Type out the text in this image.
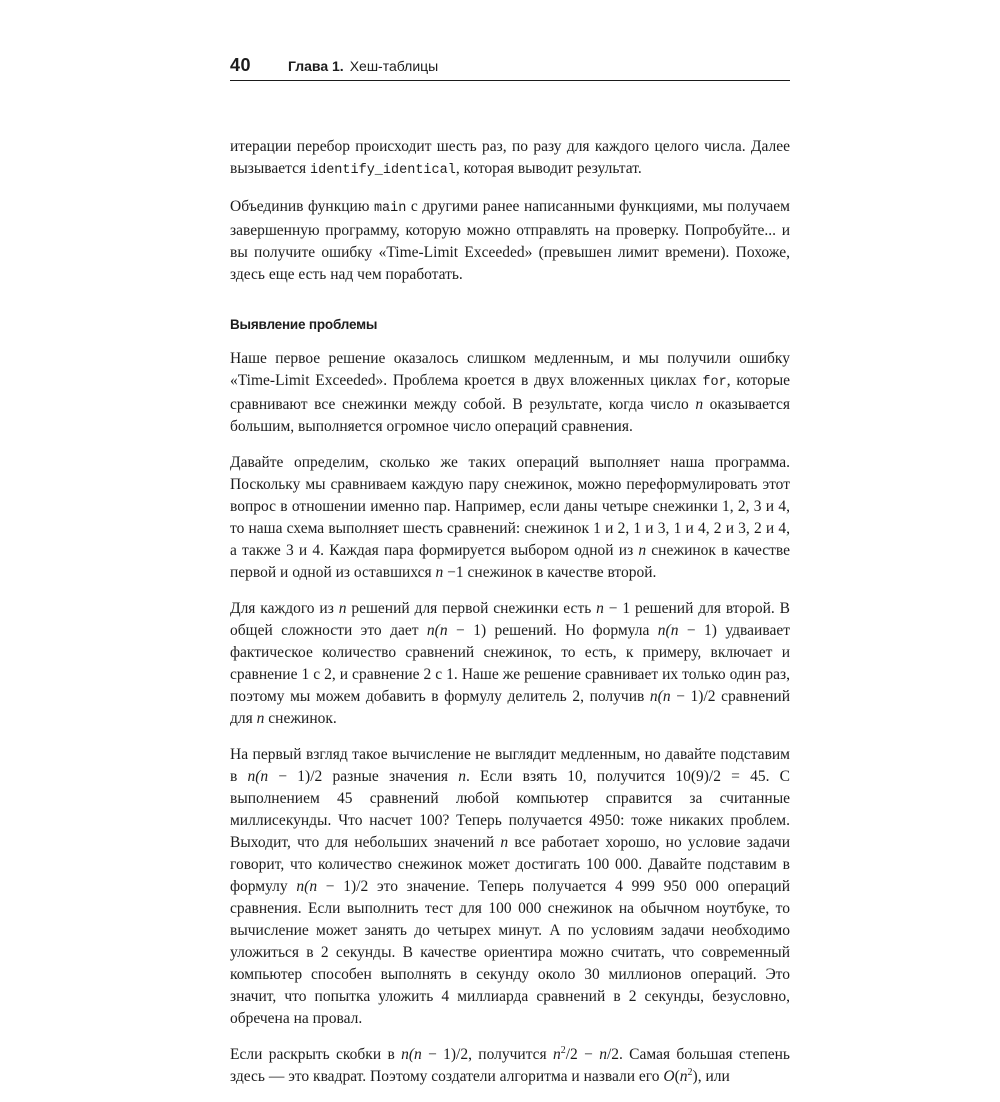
40	Глава 1. Хеш-таблицы

итерации перебор происходит шесть раз, по разу для каждого целого числа. Далее вызывается identify_identical, которая выводит результат.

Объединив функцию main с другими ранее написанными функциями, мы получаем завершенную программу, которую можно отправлять на проверку. Попробуйте... и вы получите ошибку «Time-Limit Exceeded» (превышен лимит времени). Похоже, здесь еще есть над чем поработать.

Выявление проблемы

Наше первое решение оказалось слишком медленным, и мы получили ошибку «Time-Limit Exceeded». Проблема кроется в двух вложенных циклах for, которые сравнивают все снежинки между собой. В результате, когда число n оказывается большим, выполняется огромное число операций сравнения.

Давайте определим, сколько же таких операций выполняет наша программа. Поскольку мы сравниваем каждую пару снежинок, можно переформулировать этот вопрос в отношении именно пар. Например, если даны четыре снежинки 1, 2, 3 и 4, то наша схема выполняет шесть сравнений: снежинок 1 и 2, 1 и 3, 1 и 4, 2 и 3, 2 и 4, а также 3 и 4. Каждая пара формируется выбором одной из n снежинок в качестве первой и одной из оставшихся n −1 снежинок в качестве второй.

Для каждого из n решений для первой снежинки есть n − 1 решений для второй. В общей сложности это дает n(n − 1) решений. Но формула n(n − 1) удваивает фактическое количество сравнений снежинок, то есть, к примеру, включает и сравнение 1 с 2, и сравнение 2 с 1. Наше же решение сравнивает их только один раз, поэтому мы можем добавить в формулу делитель 2, получив n(n − 1)/2 сравнений для n снежинок.

На первый взгляд такое вычисление не выглядит медленным, но давайте подставим в n(n − 1)/2 разные значения n. Если взять 10, получится 10(9)/2 = 45. С выполнением 45 сравнений любой компьютер справится за считанные миллисекунды. Что насчет 100? Теперь получается 4950: тоже никаких проблем. Выходит, что для небольших значений n все работает хорошо, но условие задачи говорит, что количество снежинок может достигать 100 000. Давайте подставим в формулу n(n − 1)/2 это значение. Теперь получается 4 999 950 000 операций сравнения. Если выполнить тест для 100 000 снежинок на обычном ноутбуке, то вычисление может занять до четырех минут. А по условиям задачи необходимо уложиться в 2 секунды. В качестве ориентира можно считать, что современный компьютер способен выполнять в секунду около 30 миллионов операций. Это значит, что попытка уложить 4 миллиарда сравнений в 2 секунды, безусловно, обречена на провал.

Если раскрыть скобки в n(n − 1)/2, получится $n^2/2 - n/2$. Самая большая степень здесь — это квадрат. Поэтому создатели алгоритма и назвали его $O(n^2)$, или
